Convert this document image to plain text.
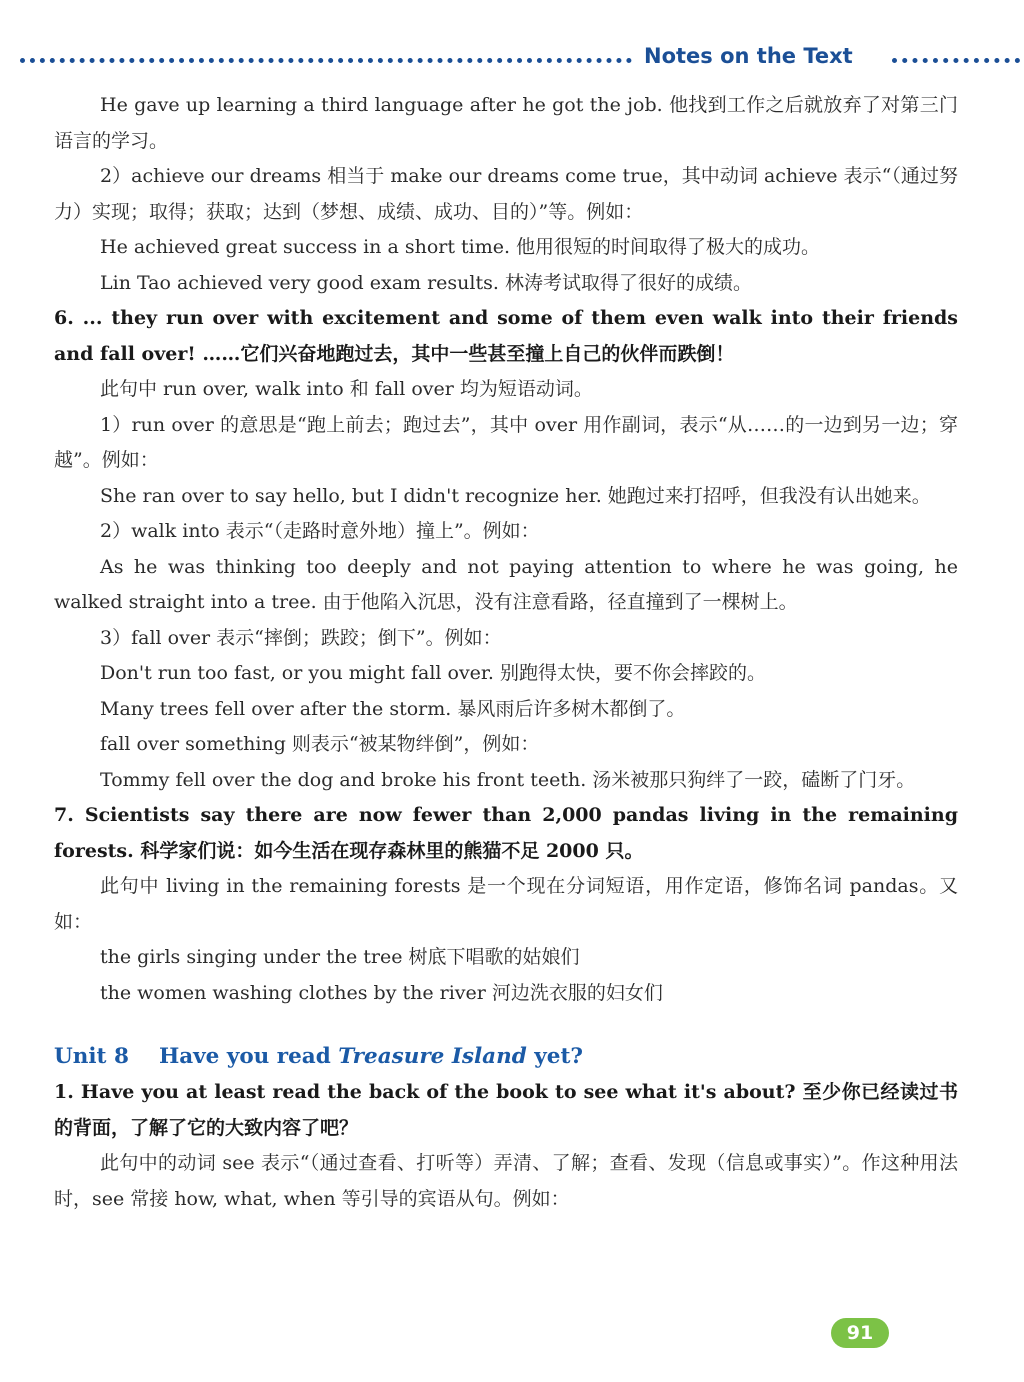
Notes on the Text

He gave up learning a third language after he got the job. 他找到工作之后就放弃了对第三门语言的学习。

2）achieve our dreams 相当于 make our dreams come true，其中动词 achieve 表示“（通过努力）实现；取得；获取；达到（梦想、成绩、成功、目的）”等。例如：

He achieved great success in a short time. 他用很短的时间取得了极大的成功。

Lin Tao achieved very good exam results. 林涛考试取得了很好的成绩。

6. ... they run over with excitement and some of them even walk into their friends and fall over! ……它们兴奋地跑过去，其中一些甚至撞上自己的伙伴而跌倒！

此句中 run over, walk into 和 fall over 均为短语动词。

1）run over 的意思是“跑上前去；跑过去”，其中 over 用作副词，表示“从……的一边到另一边；穿越”。例如：

She ran over to say hello, but I didn't recognize her. 她跑过来打招呼，但我没有认出她来。

2）walk into 表示“（走路时意外地）撞上”。例如：

As he was thinking too deeply and not paying attention to where he was going, he walked straight into a tree. 由于他陷入沉思，没有注意看路，径直撞到了一棵树上。

3）fall over 表示“摔倒；跌跤；倒下”。例如：

Don't run too fast, or you might fall over. 别跑得太快，要不你会摔跤的。

Many trees fell over after the storm. 暴风雨后许多树木都倒了。

fall over something 则表示“被某物绊倒”，例如：

Tommy fell over the dog and broke his front teeth. 汤米被那只狗绊了一跤，磕断了门牙。

7. Scientists say there are now fewer than 2,000 pandas living in the remaining forests. 科学家们说：如今生活在现存森林里的熊猫不足 2000 只。

此句中 living in the remaining forests 是一个现在分词短语，用作定语，修饰名词 pandas。又如：

the girls singing under the tree 树底下唱歌的姑娘们

the women washing clothes by the river 河边洗衣服的妇女们

Unit 8 Have you read Treasure Island yet?

1. Have you at least read the back of the book to see what it's about? 至少你已经读过书的背面，了解了它的大致内容了吧？

此句中的动词 see 表示“（通过查看、打听等）弄清、了解；查看、发现（信息或事实）”。作这种用法时，see 常接 how, what, when 等引导的宾语从句。例如：

91
